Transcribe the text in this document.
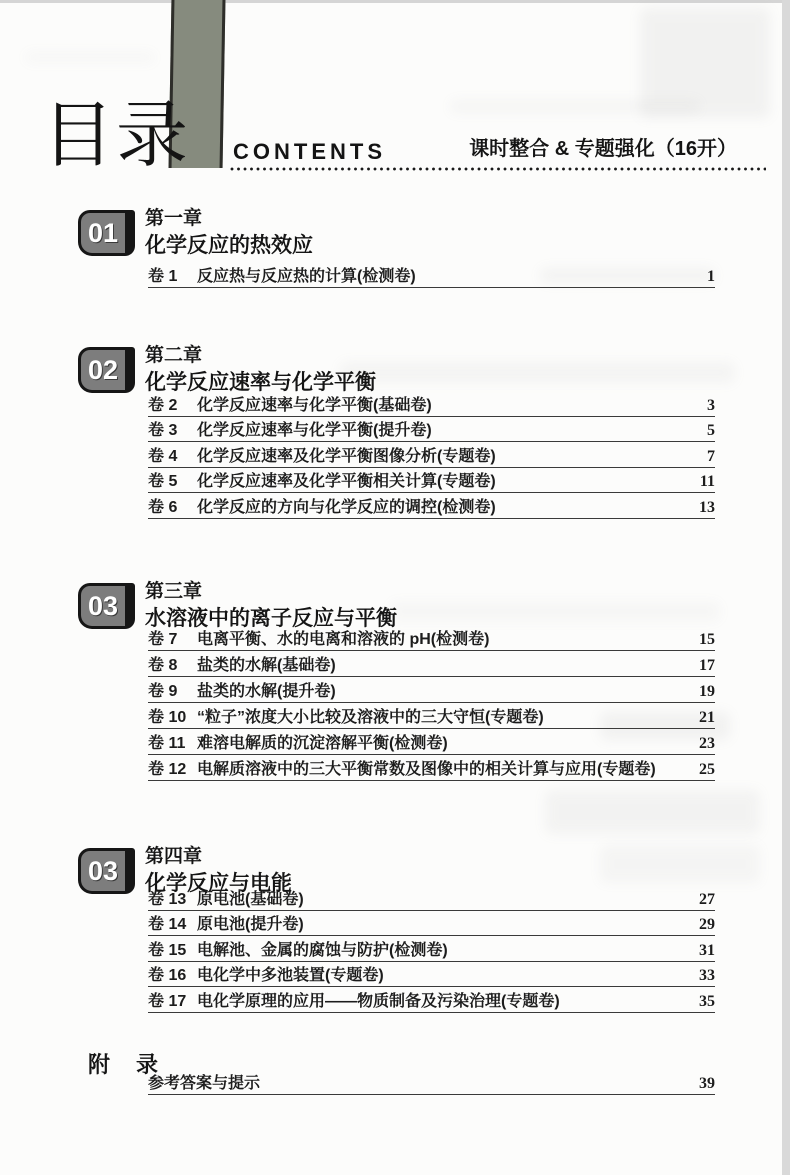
目录 CONTENTS	课时整合 & 专题强化（16开）
01	第一章
化学反应的热效应
卷 1	反应热与反应热的计算(检测卷)	1
02	第二章
化学反应速率与化学平衡
卷 2	化学反应速率与化学平衡(基础卷)	3
卷 3	化学反应速率与化学平衡(提升卷)	5
卷 4	化学反应速率及化学平衡图像分析(专题卷)	7
卷 5	化学反应速率及化学平衡相关计算(专题卷)	11
卷 6	化学反应的方向与化学反应的调控(检测卷)	13
03	第三章
水溶液中的离子反应与平衡
卷 7	电离平衡、水的电离和溶液的 pH(检测卷)	15
卷 8	盐类的水解(基础卷)	17
卷 9	盐类的水解(提升卷)	19
卷 10 “粒子”浓度大小比较及溶液中的三大守恒(专题卷)	21
卷 11 难溶电解质的沉淀溶解平衡(检测卷)	23
卷 12 电解质溶液中的三大平衡常数及图像中的相关计算与应用(专题卷)	25
03	第四章
化学反应与电能
卷 13 原电池(基础卷)	27
卷 14 原电池(提升卷)	29
卷 15 电解池、金属的腐蚀与防护(检测卷)	31
卷 16 电化学中多池装置(专题卷)	33
卷 17 电化学原理的应用——物质制备及污染治理(专题卷)	35
附　录
参考答案与提示	39
